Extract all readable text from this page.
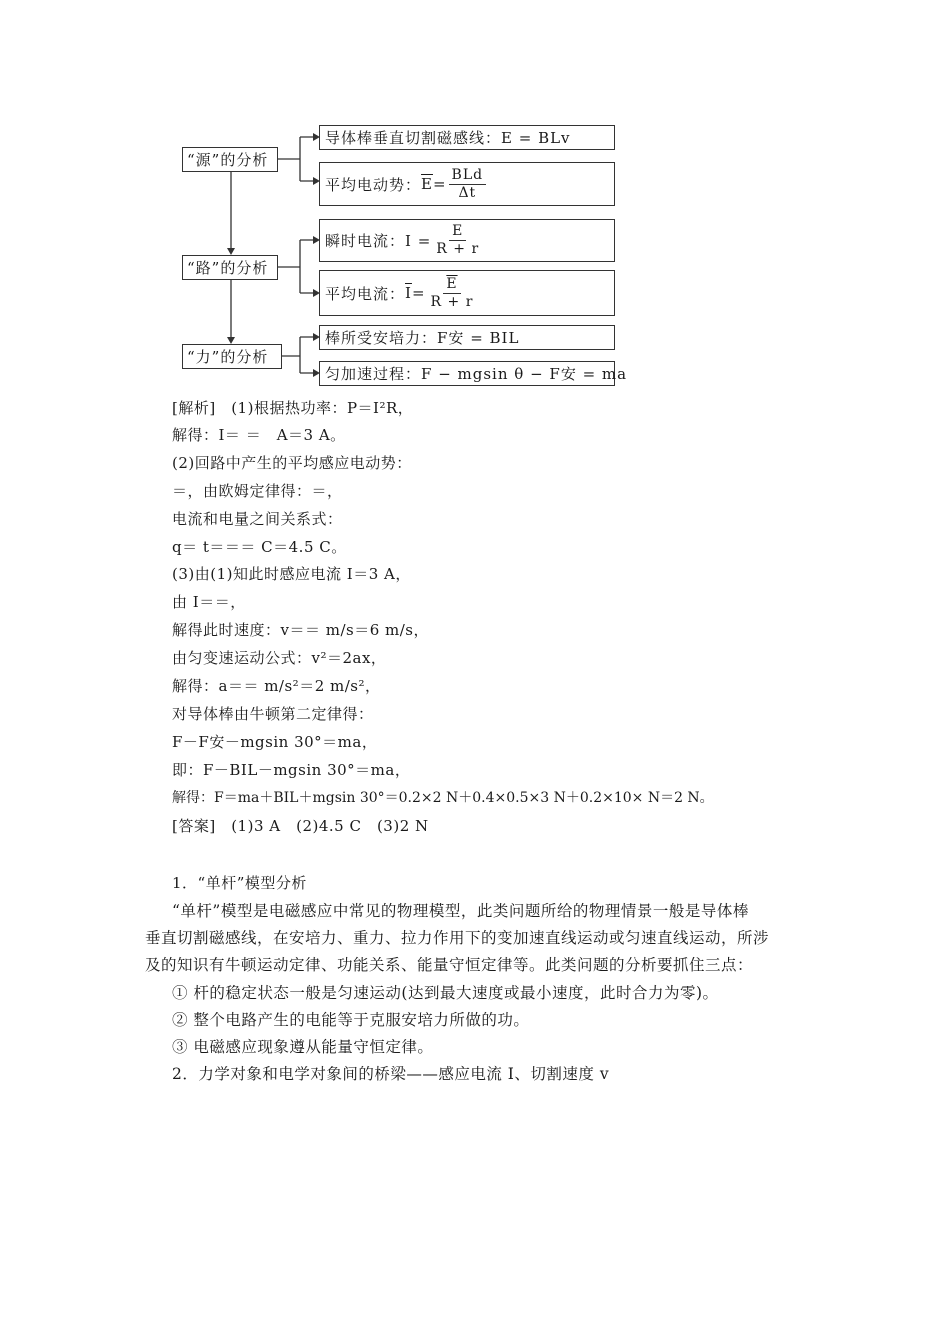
“源”的分析
“路”的分析
“力”的分析
导体棒垂直切割磁感线： E = BLv
平均电动势： $\overline{E} = \frac{\text{BLd}}{\Delta t}$
瞬时电流： $I = \frac{E}{R + r}$
平均电流： $\overline{I} = \frac{\overline{E}}{R + r}$
棒所受安培力： F安 = BIL
匀加速过程： F − mgsin θ − F安 = ma
[解析]　(1)根据热功率：P＝I²R，
解得：I＝ ＝　A＝3 A。
(2)回路中产生的平均感应电动势：
＝，由欧姆定律得：＝，
电流和电量之间关系式：
q＝ t＝＝＝ C＝4.5 C。
(3)由(1)知此时感应电流 I＝3 A，
由 I＝＝，
解得此时速度：v＝＝ m/s＝6 m/s，
由匀变速运动公式：v²＝2ax，
解得：a＝＝ m/s²＝2 m/s²，
对导体棒由牛顿第二定律得：
F－F安－mgsin 30°＝ma，
即：F－BIL－mgsin 30°＝ma，
解得：F＝ma＋BIL＋mgsin 30°＝0.2×2 N＋0.4×0.5×3 N＋0.2×10× N＝2 N。
[答案]　(1)3 A　(2)4.5 C　(3)2 N
1．“单杆”模型分析
“单杆”模型是电磁感应中常见的物理模型，此类问题所给的物理情景一般是导体棒
垂直切割磁感线，在安培力、重力、拉力作用下的变加速直线运动或匀速直线运动，所涉
及的知识有牛顿运动定律、功能关系、能量守恒定律等。此类问题的分析要抓住三点：
① 杆的稳定状态一般是匀速运动(达到最大速度或最小速度，此时合力为零)。
② 整个电路产生的电能等于克服安培力所做的功。
③ 电磁感应现象遵从能量守恒定律。
2．力学对象和电学对象间的桥梁——感应电流 I、切割速度 v
